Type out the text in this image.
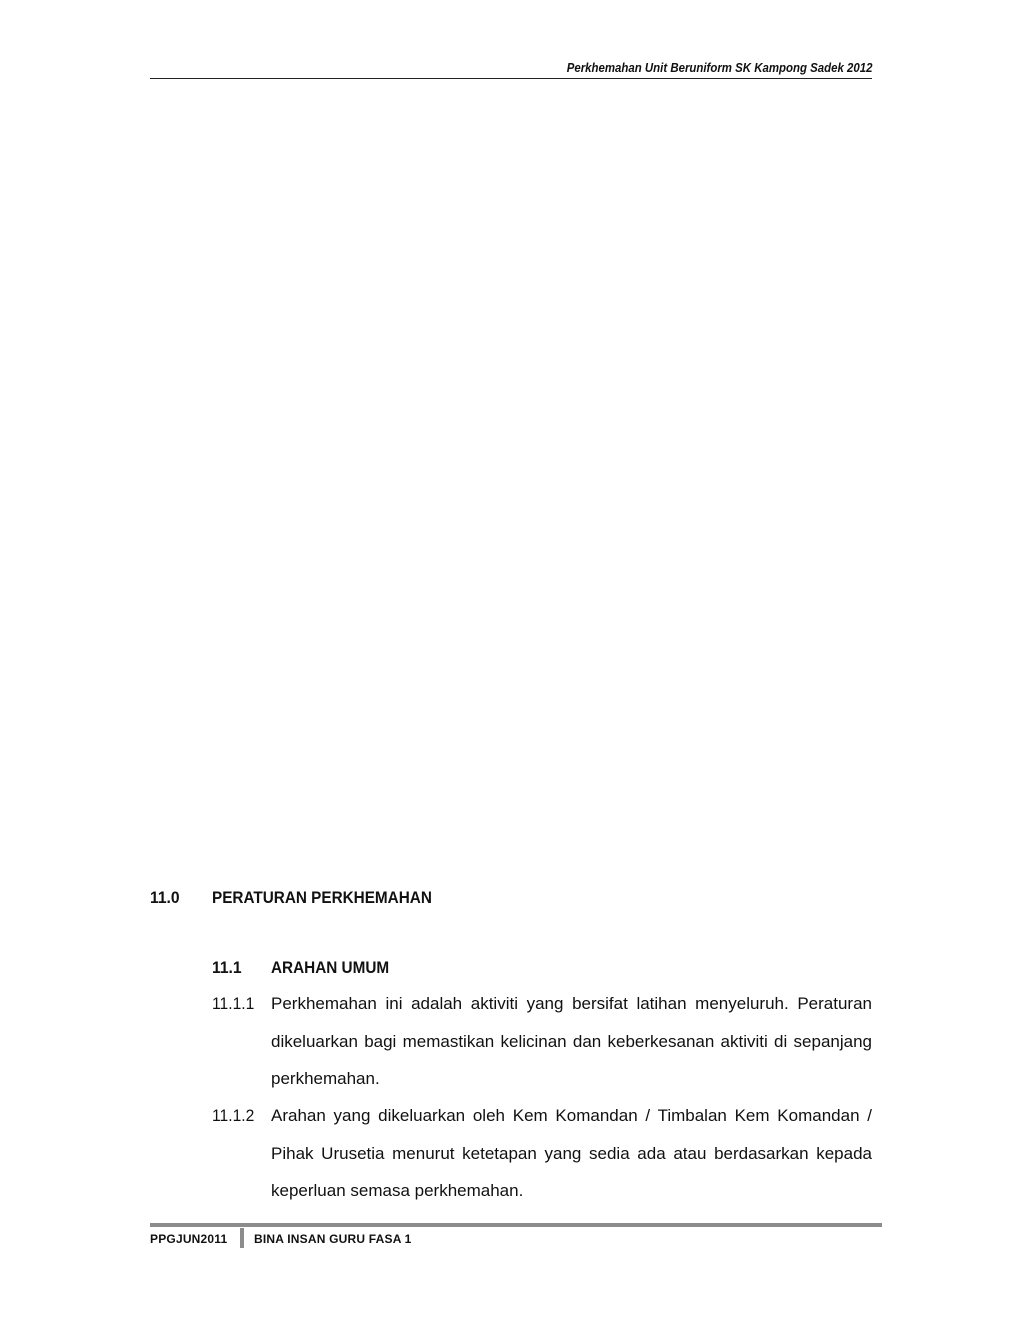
Perkhemahan Unit Beruniform SK Kampong Sadek 2012
11.0 PERATURAN PERKHEMAHAN
11.1 ARAHAN UMUM
11.1.1 Perkhemahan ini adalah aktiviti yang bersifat latihan menyeluruh. Peraturan dikeluarkan bagi memastikan kelicinan dan keberkesanan aktiviti di sepanjang perkhemahan.
11.1.2 Arahan yang dikeluarkan oleh Kem Komandan / Timbalan Kem Komandan / Pihak Urusetia menurut ketetapan yang sedia ada atau berdasarkan kepada keperluan semasa perkhemahan.
PPGJUN2011 BINA INSAN GURU FASA 1
